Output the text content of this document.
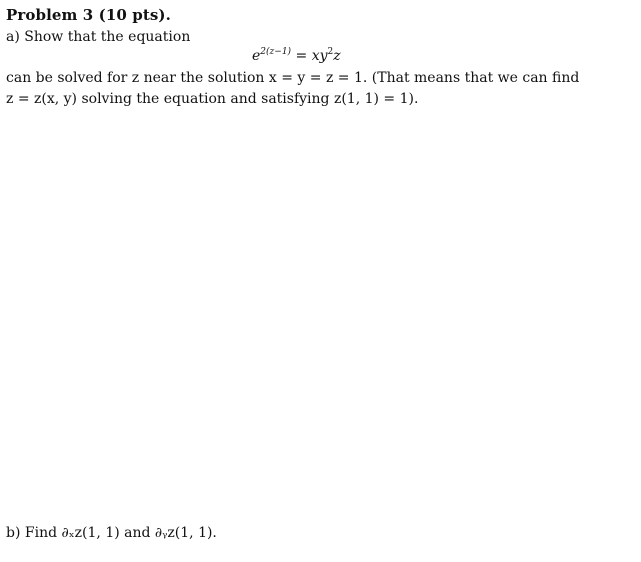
Problem 3 (10 pts).
a) Show that the equation
$e^{2(z-1)} = xy^2z$
can be solved for z near the solution x = y = z = 1. (That means that we can find
z = z(x, y) solving the equation and satisfying z(1, 1) = 1).
b) Find ∂ₓz(1, 1) and ∂ᵧz(1, 1).
